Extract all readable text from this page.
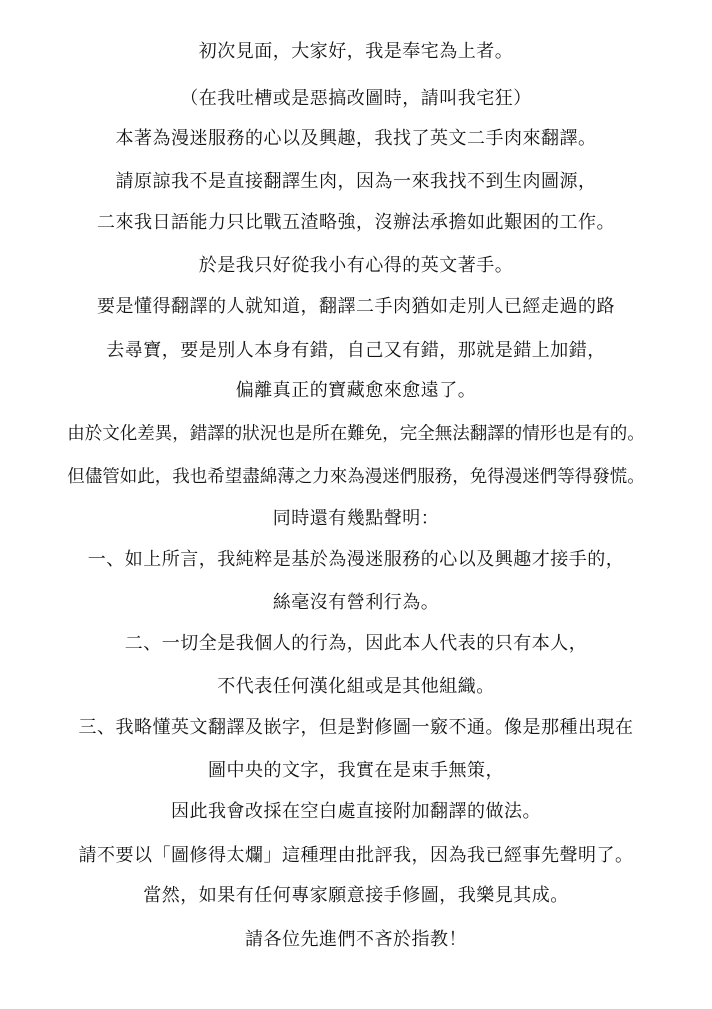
初次見面，大家好，我是奉宅為上者。
（在我吐槽或是惡搞改圖時，請叫我宅狂）
本著為漫迷服務的心以及興趣，我找了英文二手肉來翻譯。
請原諒我不是直接翻譯生肉，因為一來我找不到生肉圖源，
二來我日語能力只比戰五渣略強，沒辦法承擔如此艱困的工作。
於是我只好從我小有心得的英文著手。
要是懂得翻譯的人就知道，翻譯二手肉猶如走別人已經走過的路
去尋寶，要是別人本身有錯，自己又有錯，那就是錯上加錯，
偏離真正的寶藏愈來愈遠了。
由於文化差異，錯譯的狀況也是所在難免，完全無法翻譯的情形也是有的。
但儘管如此，我也希望盡綿薄之力來為漫迷們服務，免得漫迷們等得發慌。
同時還有幾點聲明：
一、如上所言，我純粹是基於為漫迷服務的心以及興趣才接手的，
絲毫沒有營利行為。
二、一切全是我個人的行為，因此本人代表的只有本人，
不代表任何漢化組或是其他組織。
三、我略懂英文翻譯及嵌字，但是對修圖一竅不通。像是那種出現在
圖中央的文字，我實在是束手無策，
因此我會改採在空白處直接附加翻譯的做法。
請不要以「圖修得太爛」這種理由批評我，因為我已經事先聲明了。
當然，如果有任何專家願意接手修圖，我樂見其成。
請各位先進們不吝於指教！
